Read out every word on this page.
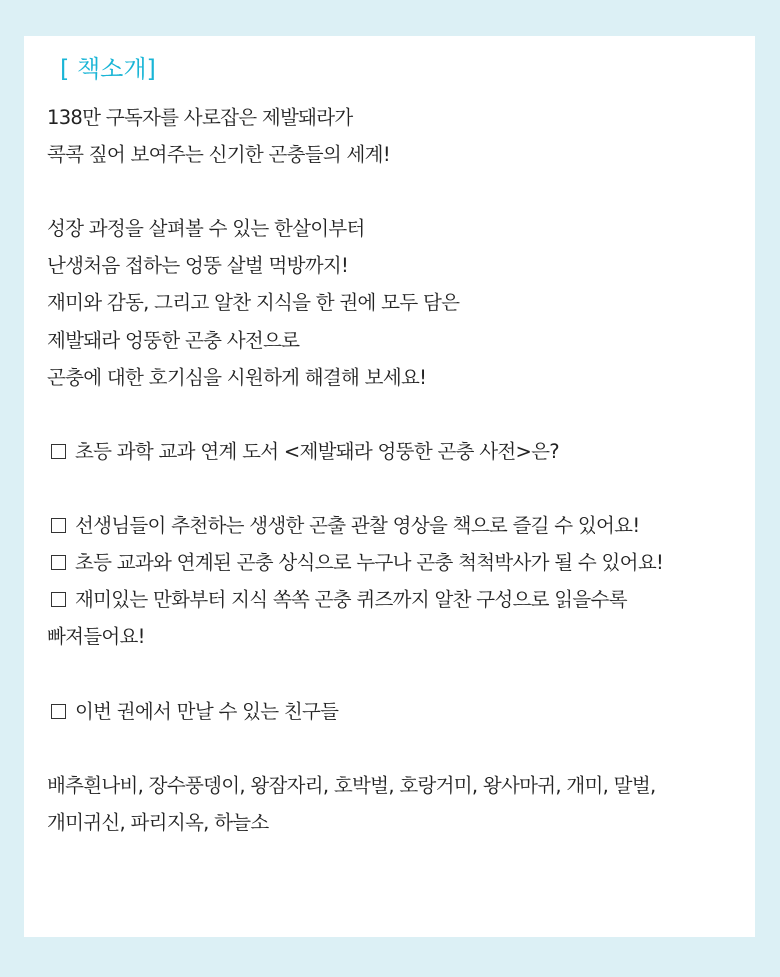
[ 책소개]
138만 구독자를 사로잡은 제발돼라가
콕콕 짚어 보여주는 신기한 곤충들의 세계!
성장 과정을 살펴볼 수 있는 한살이부터
난생처음 접하는 엉뚱 살벌 먹방까지!
재미와 감동, 그리고 알찬 지식을 한 권에 모두 담은
제발돼라 엉뚱한 곤충 사전으로
곤충에 대한 호기심을 시원하게 해결해 보세요!
초등 과학 교과 연계 도서 <제발돼라 엉뚱한 곤충 사전>은?
선생님들이 추천하는 생생한 곤출 관찰 영상을 책으로 즐길 수 있어요!
초등 교과와 연계된 곤충 상식으로 누구나 곤충 척척박사가 될 수 있어요!
재미있는 만화부터 지식 쏙쏙 곤충 퀴즈까지 알찬 구성으로 읽을수록
빠져들어요!
이번 권에서 만날 수 있는 친구들
배추흰나비, 장수풍뎅이, 왕잠자리, 호박벌, 호랑거미, 왕사마귀, 개미, 말벌,
개미귀신, 파리지옥, 하늘소
